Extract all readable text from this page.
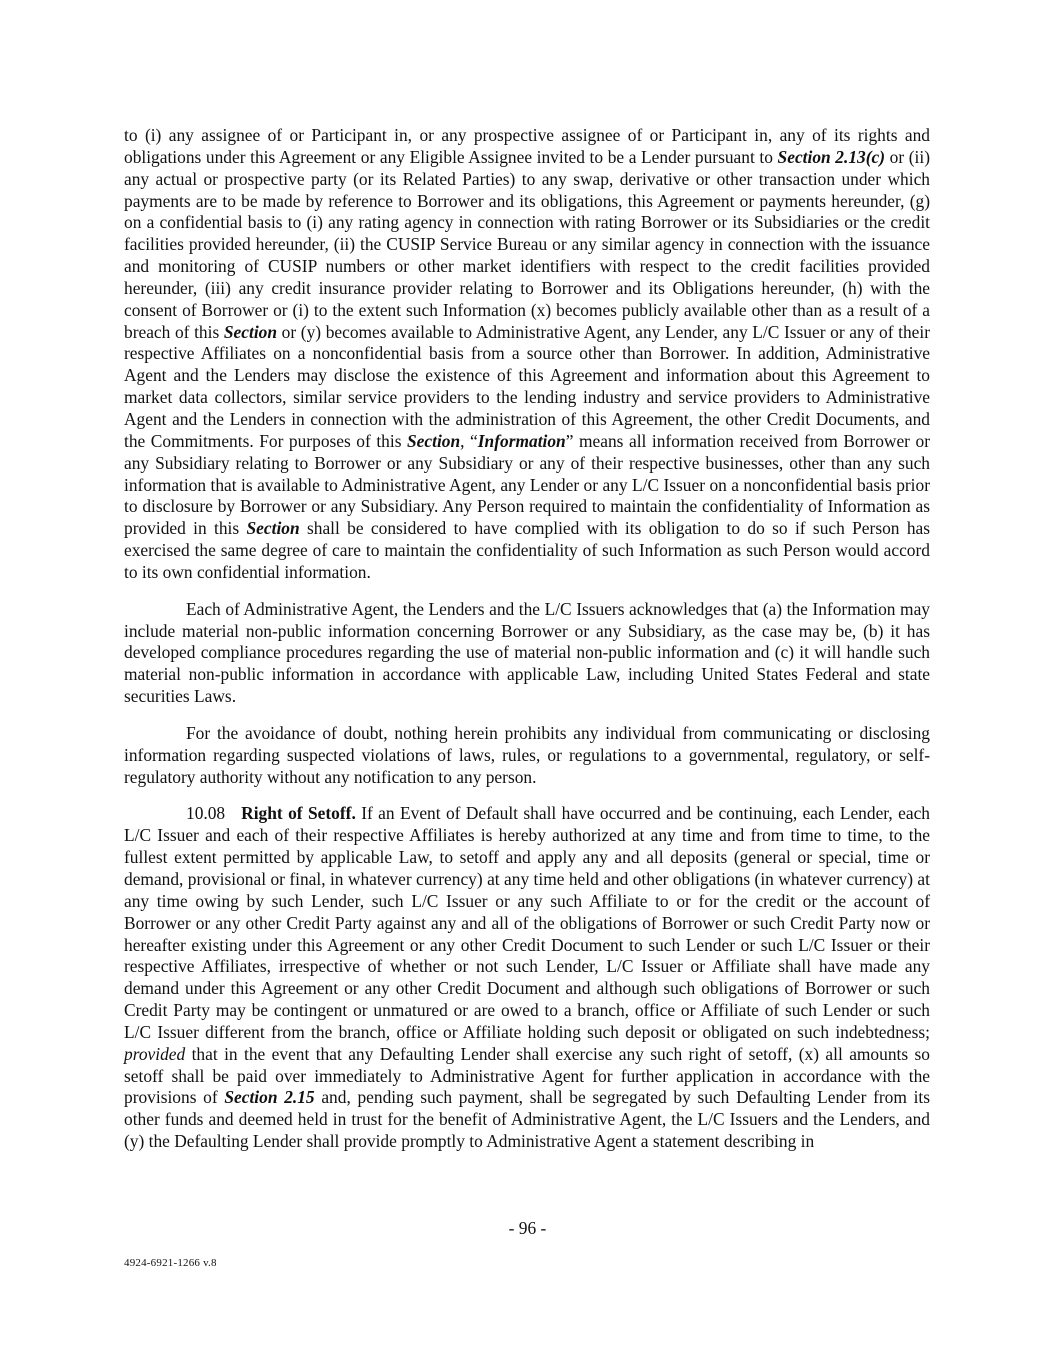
to (i) any assignee of or Participant in, or any prospective assignee of or Participant in, any of its rights and obligations under this Agreement or any Eligible Assignee invited to be a Lender pursuant to Section 2.13(c) or (ii) any actual or prospective party (or its Related Parties) to any swap, derivative or other transaction under which payments are to be made by reference to Borrower and its obligations, this Agreement or payments hereunder, (g) on a confidential basis to (i) any rating agency in connection with rating Borrower or its Subsidiaries or the credit facilities provided hereunder, (ii) the CUSIP Service Bureau or any similar agency in connection with the issuance and monitoring of CUSIP numbers or other market identifiers with respect to the credit facilities provided hereunder, (iii) any credit insurance provider relating to Borrower and its Obligations hereunder, (h) with the consent of Borrower or (i) to the extent such Information (x) becomes publicly available other than as a result of a breach of this Section or (y) becomes available to Administrative Agent, any Lender, any L/C Issuer or any of their respective Affiliates on a nonconfidential basis from a source other than Borrower. In addition, Administrative Agent and the Lenders may disclose the existence of this Agreement and information about this Agreement to market data collectors, similar service providers to the lending industry and service providers to Administrative Agent and the Lenders in connection with the administration of this Agreement, the other Credit Documents, and the Commitments. For purposes of this Section, “Information” means all information received from Borrower or any Subsidiary relating to Borrower or any Subsidiary or any of their respective businesses, other than any such information that is available to Administrative Agent, any Lender or any L/C Issuer on a nonconfidential basis prior to disclosure by Borrower or any Subsidiary. Any Person required to maintain the confidentiality of Information as provided in this Section shall be considered to have complied with its obligation to do so if such Person has exercised the same degree of care to maintain the confidentiality of such Information as such Person would accord to its own confidential information.

Each of Administrative Agent, the Lenders and the L/C Issuers acknowledges that (a) the Information may include material non-public information concerning Borrower or any Subsidiary, as the case may be, (b) it has developed compliance procedures regarding the use of material non-public information and (c) it will handle such material non-public information in accordance with applicable Law, including United States Federal and state securities Laws.

For the avoidance of doubt, nothing herein prohibits any individual from communicating or disclosing information regarding suspected violations of laws, rules, or regulations to a governmental, regulatory, or self-regulatory authority without any notification to any person.

10.08 Right of Setoff. If an Event of Default shall have occurred and be continuing, each Lender, each L/C Issuer and each of their respective Affiliates is hereby authorized at any time and from time to time, to the fullest extent permitted by applicable Law, to setoff and apply any and all deposits (general or special, time or demand, provisional or final, in whatever currency) at any time held and other obligations (in whatever currency) at any time owing by such Lender, such L/C Issuer or any such Affiliate to or for the credit or the account of Borrower or any other Credit Party against any and all of the obligations of Borrower or such Credit Party now or hereafter existing under this Agreement or any other Credit Document to such Lender or such L/C Issuer or their respective Affiliates, irrespective of whether or not such Lender, L/C Issuer or Affiliate shall have made any demand under this Agreement or any other Credit Document and although such obligations of Borrower or such Credit Party may be contingent or unmatured or are owed to a branch, office or Affiliate of such Lender or such L/C Issuer different from the branch, office or Affiliate holding such deposit or obligated on such indebtedness; provided that in the event that any Defaulting Lender shall exercise any such right of setoff, (x) all amounts so setoff shall be paid over immediately to Administrative Agent for further application in accordance with the provisions of Section 2.15 and, pending such payment, shall be segregated by such Defaulting Lender from its other funds and deemed held in trust for the benefit of Administrative Agent, the L/C Issuers and the Lenders, and (y) the Defaulting Lender shall provide promptly to Administrative Agent a statement describing in

- 96 -
4924-6921-1266 v.8
